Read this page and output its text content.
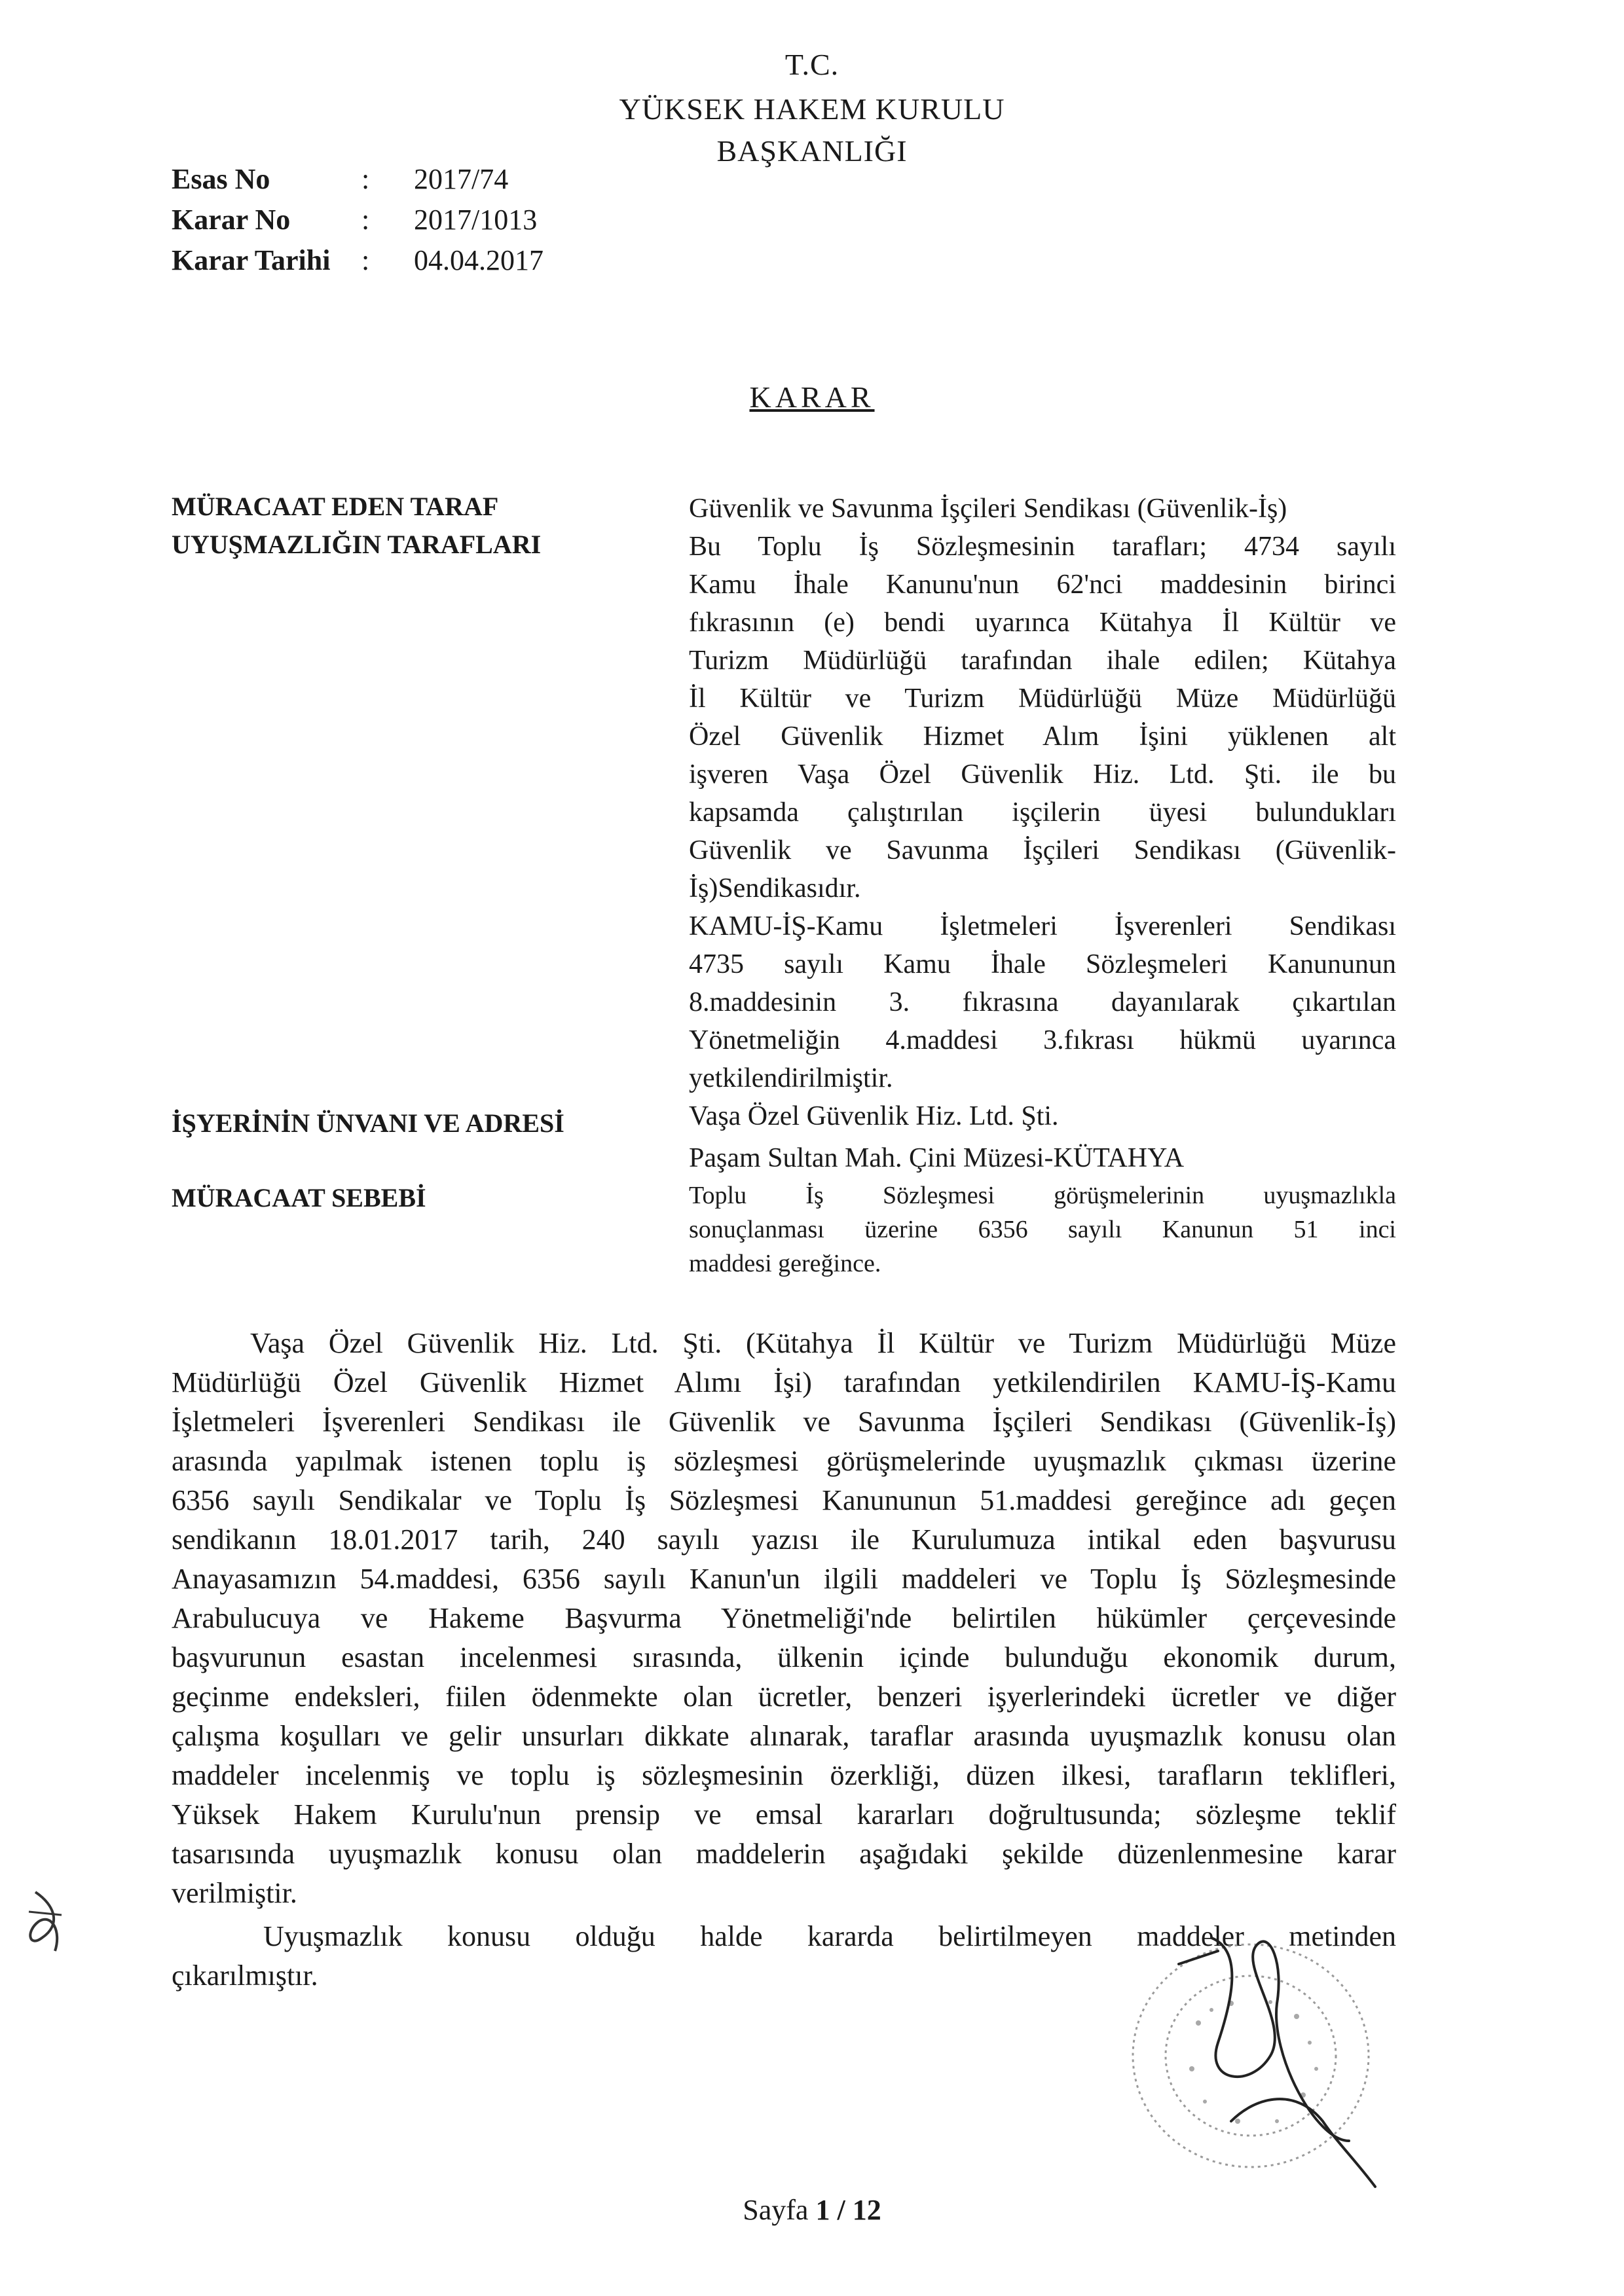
T.C.
YÜKSEK HAKEM KURULU
BAŞKANLIĞI
Esas No	: 2017/74
Karar No : 2017/1013
Karar Tarihi : 04.04.2017
KARAR
MÜRACAAT EDEN TARAF
UYUŞMAZLIĞIN TARAFLARI
İŞYERİNİN ÜNVANI VE ADRESİ
MÜRACAAT SEBEBİ
Güvenlik ve Savunma İşçileri Sendikası (Güvenlik-İş)
Bu Toplu İş Sözleşmesinin tarafları; 4734 sayılı
Kamu İhale Kanunu'nun 62'nci maddesinin birinci
fıkrasının (e) bendi uyarınca Kütahya İl Kültür ve
Turizm Müdürlüğü tarafından ihale edilen; Kütahya
İl Kültür ve Turizm Müdürlüğü Müze Müdürlüğü
Özel Güvenlik Hizmet Alım İşini yüklenen alt
işveren Vaşa Özel Güvenlik Hiz. Ltd. Şti. ile bu
kapsamda çalıştırılan işçilerin üyesi bulundukları
Güvenlik ve Savunma İşçileri Sendikası (Güvenlik-
İş)Sendikasıdır.
KAMU-İŞ-Kamu İşletmeleri İşverenleri Sendikası
4735 sayılı Kamu İhale Sözleşmeleri Kanununun
8.maddesinin 3. fıkrasına dayanılarak çıkartılan
Yönetmeliğin 4.maddesi 3.fıkrası hükmü uyarınca
yetkilendirilmiştir.
Vaşa Özel Güvenlik Hiz. Ltd. Şti.
Paşam Sultan Mah. Çini Müzesi-KÜTAHYA
Toplu İş Sözleşmesi görüşmelerinin uyuşmazlıkla
sonuçlanması üzerine 6356 sayılı Kanunun 51 inci
maddesi gereğince.
Vaşa Özel Güvenlik Hiz. Ltd. Şti. (Kütahya İl Kültür ve Turizm Müdürlüğü Müze
Müdürlüğü Özel Güvenlik Hizmet Alımı İşi) tarafından yetkilendirilen KAMU-İŞ-Kamu
İşletmeleri İşverenleri Sendikası ile Güvenlik ve Savunma İşçileri Sendikası (Güvenlik-İş)
arasında yapılmak istenen toplu iş sözleşmesi görüşmelerinde uyuşmazlık çıkması üzerine
6356 sayılı Sendikalar ve Toplu İş Sözleşmesi Kanununun 51.maddesi gereğince adı geçen
sendikanın 18.01.2017 tarih, 240 sayılı yazısı ile Kurulumuza intikal eden başvurusu
Anayasamızın 54.maddesi, 6356 sayılı Kanun'un ilgili maddeleri ve Toplu İş Sözleşmesinde
Arabulucuya ve Hakeme Başvurma Yönetmeliği'nde belirtilen hükümler çerçevesinde
başvurunun esastan incelenmesi sırasında, ülkenin içinde bulunduğu ekonomik durum,
geçinme endeksleri, fiilen ödenmekte olan ücretler, benzeri işyerlerindeki ücretler ve diğer
çalışma koşulları ve gelir unsurları dikkate alınarak, taraflar arasında uyuşmazlık konusu olan
maddeler incelenmiş ve toplu iş sözleşmesinin özerkliği, düzen ilkesi, tarafların teklifleri,
Yüksek Hakem Kurulu'nun prensip ve emsal kararları doğrultusunda; sözleşme teklif
tasarısında uyuşmazlık konusu olan maddelerin aşağıdaki şekilde düzenlenmesine karar
verilmiştir.
Uyuşmazlık konusu olduğu halde kararda belirtilmeyen maddeler metinden
çıkarılmıştır.
Sayfa 1 / 12
